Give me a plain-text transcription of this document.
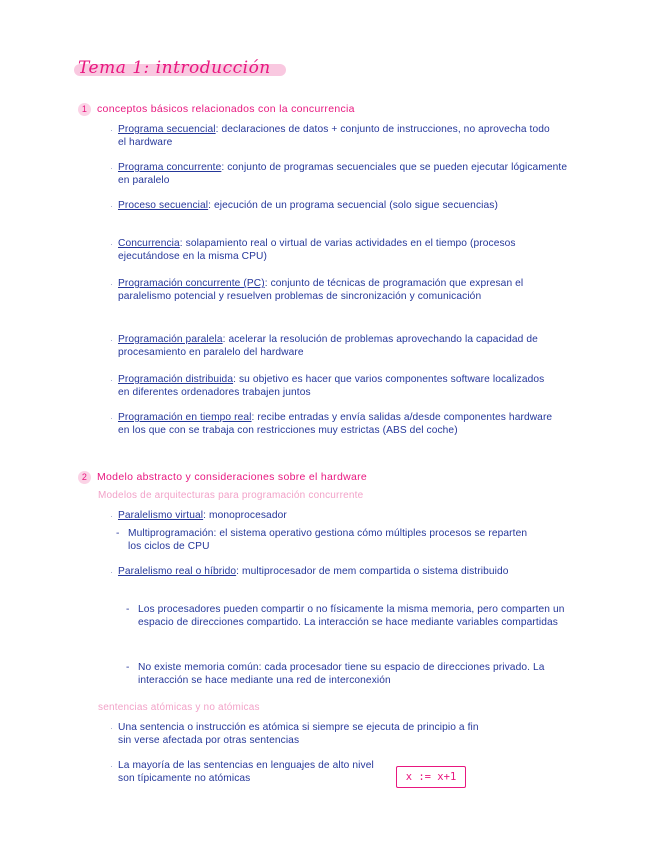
Tema 1: introducción
1 conceptos básicos relacionados con la concurrencia
· Programa secuencial: declaraciones de datos + conjunto de instrucciones, no aprovecha todo el hardware
· Programa concurrente: conjunto de programas secuenciales que se pueden ejecutar lógicamente en paralelo
· Proceso secuencial: ejecución de un programa secuencial (solo sigue secuencias)
· Concurrencia: solapamiento real o virtual de varias actividades en el tiempo (procesos ejecutándose en la misma CPU)
· Programación concurrente (PC): conjunto de técnicas de programación que expresan el paralelismo potencial y resuelven problemas de sincronización y comunicación
· Programación paralela: acelerar la resolución de problemas aprovechando la capacidad de procesamiento en paralelo del hardware
· Programación distribuida: su objetivo es hacer que varios componentes software localizados en diferentes ordenadores trabajen juntos
· Programación en tiempo real: recibe entradas y envía salidas a/desde componentes hardware en los que con se trabaja con restricciones muy estrictas (ABS del coche)
2 Modelo abstracto y consideraciones sobre el hardware
Modelos de arquitecturas para programación concurrente
· Paralelismo virtual: monoprocesador
- Multiprogramación: el sistema operativo gestiona cómo múltiples procesos se reparten los ciclos de CPU
· Paralelismo real o híbrido: multiprocesador de mem compartida o sistema distribuido
- Los procesadores pueden compartir o no físicamente la misma memoria, pero comparten un espacio de direcciones compartido. La interacción se hace mediante variables compartidas
- No existe memoria común: cada procesador tiene su espacio de direcciones privado. La interacción se hace mediante una red de interconexión
sentencias atómicas y no atómicas
· Una sentencia o instrucción es atómica si siempre se ejecuta de principio a fin sin verse afectada por otras sentencias
· La mayoría de las sentencias en lenguajes de alto nivel son típicamente no atómicas	x := x+1
